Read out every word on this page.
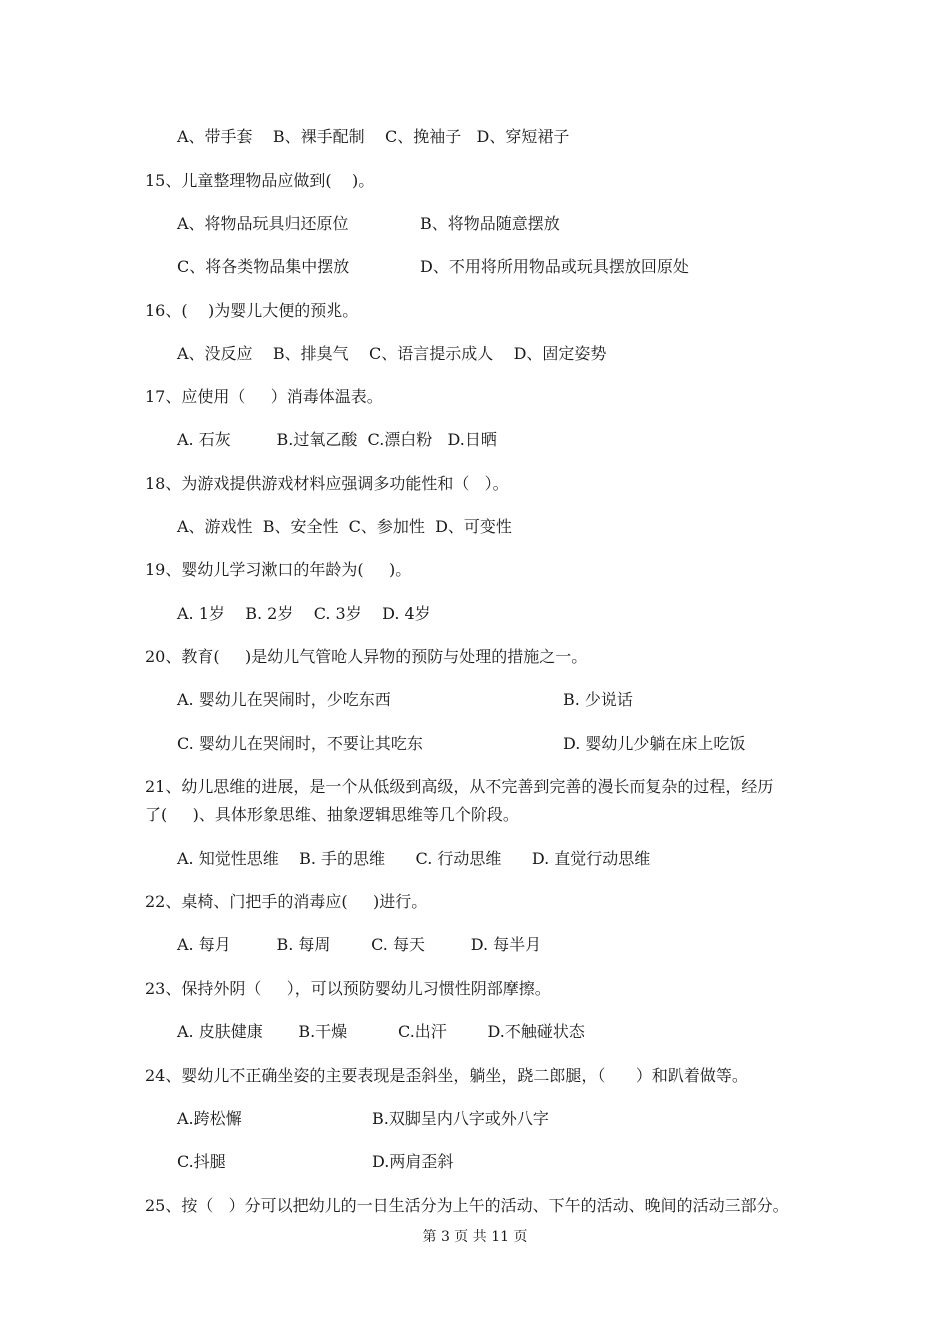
A、带手套    B、裸手配制    C、挽袖子   D、穿短裙子
15、儿童整理物品应做到(    )。
A、将物品玩具归还原位	B、将物品随意摆放
C、将各类物品集中摆放	D、不用将所用物品或玩具摆放回原处
16、(    )为婴儿大便的预兆。
A、没反应    B、排臭气    C、语言提示成人    D、固定姿势
17、应使用（     ）消毒体温表。
A. 石灰         B.过氧乙酸  C.漂白粉   D.日晒
18、为游戏提供游戏材料应强调多功能性和（   ）。
A、游戏性  B、安全性  C、参加性  D、可变性
19、婴幼儿学习漱口的年龄为(     )。
A. 1岁    B. 2岁    C. 3岁    D. 4岁
20、教育(     )是幼儿气管呛人异物的预防与处理的措施之一。
A. 婴幼儿在哭闹时，少吃东西	B. 少说话
C. 婴幼儿在哭闹时，不要让其吃东	D. 婴幼儿少躺在床上吃饭
21、幼儿思维的进展，是一个从低级到高级，从不完善到完善的漫长而复杂的过程，经历
了(     )、具体形象思维、抽象逻辑思维等几个阶段。
A. 知觉性思维    B. 手的思维      C. 行动思维      D. 直觉行动思维
22、桌椅、门把手的消毒应(     )进行。
A. 每月         B. 每周        C. 每天         D. 每半月
23、保持外阴（     ），可以预防婴幼儿习惯性阴部摩擦。
A. 皮肤健康       B.干燥          C.出汗        D.不触碰状态
24、婴幼儿不正确坐姿的主要表现是歪斜坐，躺坐，跷二郎腿，（      ）和趴着做等。
A.跨松懈	B.双脚呈内八字或外八字
C.抖腿	D.两肩歪斜
25、按（   ）分可以把幼儿的一日生活分为上午的活动、下午的活动、晚间的活动三部分。
第 3 页 共 11 页
